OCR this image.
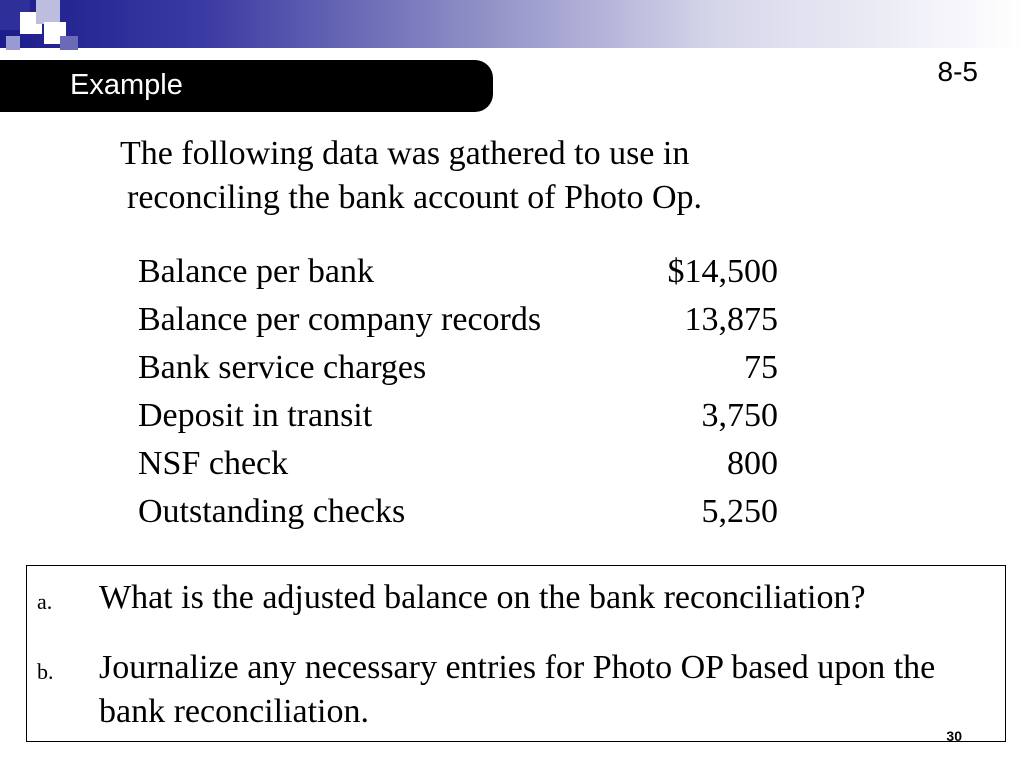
Example	8-5
The following data was gathered to use in
reconciling the bank account of Photo Op.
Balance per bank	$14,500
Balance per company records	13,875
Bank service charges	75
Deposit in transit	3,750
NSF check	800
Outstanding checks	5,250
a. What is the adjusted balance on the bank reconciliation?
b. Journalize any necessary entries for Photo OP based upon the bank reconciliation.
30
